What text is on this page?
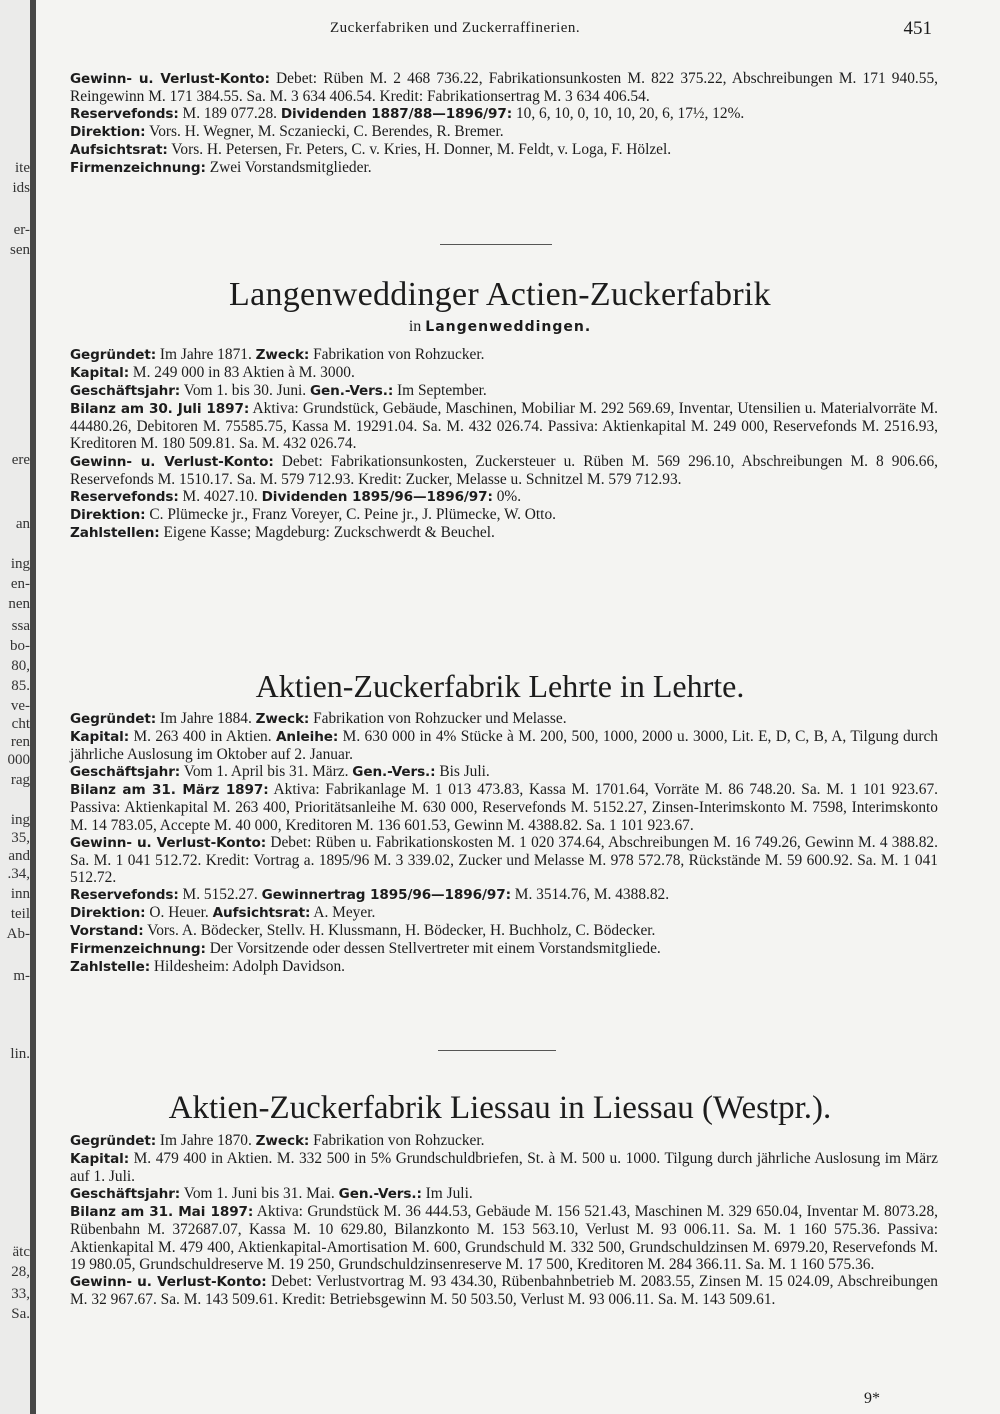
ite
ids
er-
sen
ere
an
ing
en-
nen
ssa
bo-
80,
85.
ve-
cht
ren
000
rag
ing
35,
and
.34,
inn
teil
Ab-
m-
lin.
ätc
28,
33,
Sa.
Zuckerfabriken und Zuckerraffinerien.	451

Gewinn- u. Verlust-Konto: Debet: Rüben M. 2 468 736.22, Fabrikationsunkosten M. 822 375.22, Abschreibungen M. 171 940.55, Reingewinn M. 171 384.55. Sa. M. 3 634 406.54. Kredit: Fabrikationsertrag M. 3 634 406.54.

Reservefonds: M. 189 077.28. Dividenden 1887/88—1896/97: 10, 6, 10, 0, 10, 10, 20, 6, 17½, 12%.

Direktion: Vors. H. Wegner, M. Sczaniecki, C. Berendes, R. Bremer.

Aufsichtsrat: Vors. H. Petersen, Fr. Peters, C. v. Kries, H. Donner, M. Feldt, v. Loga, F. Hölzel.

Firmenzeichnung: Zwei Vorstandsmitglieder.

Langenweddinger Actien-Zuckerfabrik
in Langenweddingen.

Gegründet: Im Jahre 1871. Zweck: Fabrikation von Rohzucker.

Kapital: M. 249 000 in 83 Aktien à M. 3000.

Geschäftsjahr: Vom 1. bis 30. Juni. Gen.-Vers.: Im September.

Bilanz am 30. Juli 1897: Aktiva: Grundstück, Gebäude, Maschinen, Mobiliar M. 292 569.69, Inventar, Utensilien u. Materialvorräte M. 44480.26, Debitoren M. 75585.75, Kassa M. 19291.04. Sa. M. 432 026.74. Passiva: Aktienkapital M. 249 000, Reservefonds M. 2516.93, Kreditoren M. 180 509.81. Sa. M. 432 026.74.

Gewinn- u. Verlust-Konto: Debet: Fabrikationsunkosten, Zuckersteuer u. Rüben M. 569 296.10, Abschreibungen M. 8 906.66, Reservefonds M. 1510.17. Sa. M. 579 712.93. Kredit: Zucker, Melasse u. Schnitzel M. 579 712.93.

Reservefonds: M. 4027.10. Dividenden 1895/96—1896/97: 0%.

Direktion: C. Plümecke jr., Franz Voreyer, C. Peine jr., J. Plümecke, W. Otto.

Zahlstellen: Eigene Kasse; Magdeburg: Zuckschwerdt & Beuchel.

Aktien-Zuckerfabrik Lehrte in Lehrte.

Gegründet: Im Jahre 1884. Zweck: Fabrikation von Rohzucker und Melasse.

Kapital: M. 263 400 in Aktien. Anleihe: M. 630 000 in 4% Stücke à M. 200, 500, 1000, 2000 u. 3000, Lit. E, D, C, B, A, Tilgung durch jährliche Auslosung im Oktober auf 2. Januar.

Geschäftsjahr: Vom 1. April bis 31. März. Gen.-Vers.: Bis Juli.

Bilanz am 31. März 1897: Aktiva: Fabrikanlage M. 1 013 473.83, Kassa M. 1701.64, Vorräte M. 86 748.20. Sa. M. 1 101 923.67. Passiva: Aktienkapital M. 263 400, Prioritätsanleihe M. 630 000, Reservefonds M. 5152.27, Zinsen-Interimskonto M. 7598, Interimskonto M. 14 783.05, Accepte M. 40 000, Kreditoren M. 136 601.53, Gewinn M. 4388.82. Sa. 1 101 923.67.

Gewinn- u. Verlust-Konto: Debet: Rüben u. Fabrikationskosten M. 1 020 374.64, Abschreibungen M. 16 749.26, Gewinn M. 4 388.82. Sa. M. 1 041 512.72. Kredit: Vortrag a. 1895/96 M. 3 339.02, Zucker und Melasse M. 978 572.78, Rückstände M. 59 600.92. Sa. M. 1 041 512.72.

Reservefonds: M. 5152.27. Gewinnertrag 1895/96—1896/97: M. 3514.76, M. 4388.82.

Direktion: O. Heuer. Aufsichtsrat: A. Meyer.

Vorstand: Vors. A. Bödecker, Stellv. H. Klussmann, H. Bödecker, H. Buchholz, C. Bödecker.

Firmenzeichnung: Der Vorsitzende oder dessen Stellvertreter mit einem Vorstandsmitgliede.

Zahlstelle: Hildesheim: Adolph Davidson.

Aktien-Zuckerfabrik Liessau in Liessau (Westpr.).

Gegründet: Im Jahre 1870. Zweck: Fabrikation von Rohzucker.

Kapital: M. 479 400 in Aktien. M. 332 500 in 5% Grundschuldbriefen, St. à M. 500 u. 1000. Tilgung durch jährliche Auslosung im März auf 1. Juli.

Geschäftsjahr: Vom 1. Juni bis 31. Mai. Gen.-Vers.: Im Juli.

Bilanz am 31. Mai 1897: Aktiva: Grundstück M. 36 444.53, Gebäude M. 156 521.43, Maschinen M. 329 650.04, Inventar M. 8073.28, Rübenbahn M. 372687.07, Kassa M. 10 629.80, Bilanzkonto M. 153 563.10, Verlust M. 93 006.11. Sa. M. 1 160 575.36. Passiva: Aktienkapital M. 479 400, Aktienkapital-Amortisation M. 600, Grundschuld M. 332 500, Grundschuldzinsen M. 6979.20, Reservefonds M. 19 980.05, Grundschuldreserve M. 19 250, Grundschuldzinsenreserve M. 17 500, Kreditoren M. 284 366.11. Sa. M. 1 160 575.36.

Gewinn- u. Verlust-Konto: Debet: Verlustvortrag M. 93 434.30, Rübenbahnbetrieb M. 2083.55, Zinsen M. 15 024.09, Abschreibungen M. 32 967.67. Sa. M. 143 509.61. Kredit: Betriebsgewinn M. 50 503.50, Verlust M. 93 006.11. Sa. M. 143 509.61.

9*
